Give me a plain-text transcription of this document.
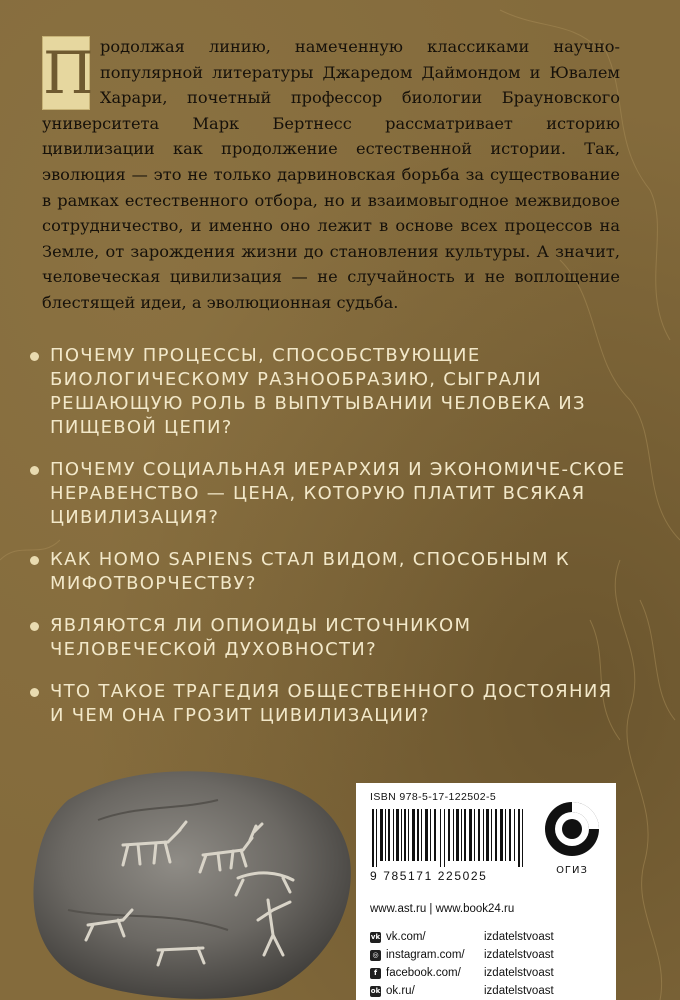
П родолжая линию, намеченную классиками научно-популярной литературы Джаредом Даймондом и Ювалем Харари, почетный профессор биологии Брауновского университета Марк Бертнесс рассматривает историю цивилизации как продолжение естественной истории. Так, эволюция — это не только дарвиновская борьба за существование в рамках естественного отбора, но и взаимовыгодное межвидовое сотрудничество, и именно оно лежит в основе всех процессов на Земле, от зарождения жизни до становления культуры. А значит, человеческая цивилизация — не случайность и не воплощение блестящей идеи, а эволюционная судьба.
ПОЧЕМУ ПРОЦЕССЫ, СПОСОБСТВУЮЩИЕ БИОЛОГИЧЕСКОМУ РАЗНООБРАЗИЮ, СЫГРАЛИ РЕШАЮЩУЮ РОЛЬ В ВЫПУТЫВАНИИ ЧЕЛОВЕКА ИЗ ПИЩЕВОЙ ЦЕПИ?
ПОЧЕМУ СОЦИАЛЬНАЯ ИЕРАРХИЯ И ЭКОНОМИЧЕ-СКОЕ НЕРАВЕНСТВО — ЦЕНА, КОТОРУЮ ПЛАТИТ ВСЯКАЯ ЦИВИЛИЗАЦИЯ?
КАК HOMO SAPIENS СТАЛ ВИДОМ, СПОСОБНЫМ К МИФОТВОРЧЕСТВУ?
ЯВЛЯЮТСЯ ЛИ ОПИОИДЫ ИСТОЧНИКОМ ЧЕЛОВЕЧЕСКОЙ ДУХОВНОСТИ?
ЧТО ТАКОЕ ТРАГЕДИЯ ОБЩЕСТВЕННОГО ДОСТОЯНИЯ И ЧЕМ ОНА ГРОЗИТ ЦИВИЛИЗАЦИИ?
ISBN 978-5-17-122502-5
9 785171 225025	ОГИЗ
www.ast.ru | www.book24.ru
vk vk.com/	izdatelstvoast
◎ instagram.com/	izdatelstvoast
f facebook.com/	izdatelstvoast
ok ok.ru/	izdatelstvoast
